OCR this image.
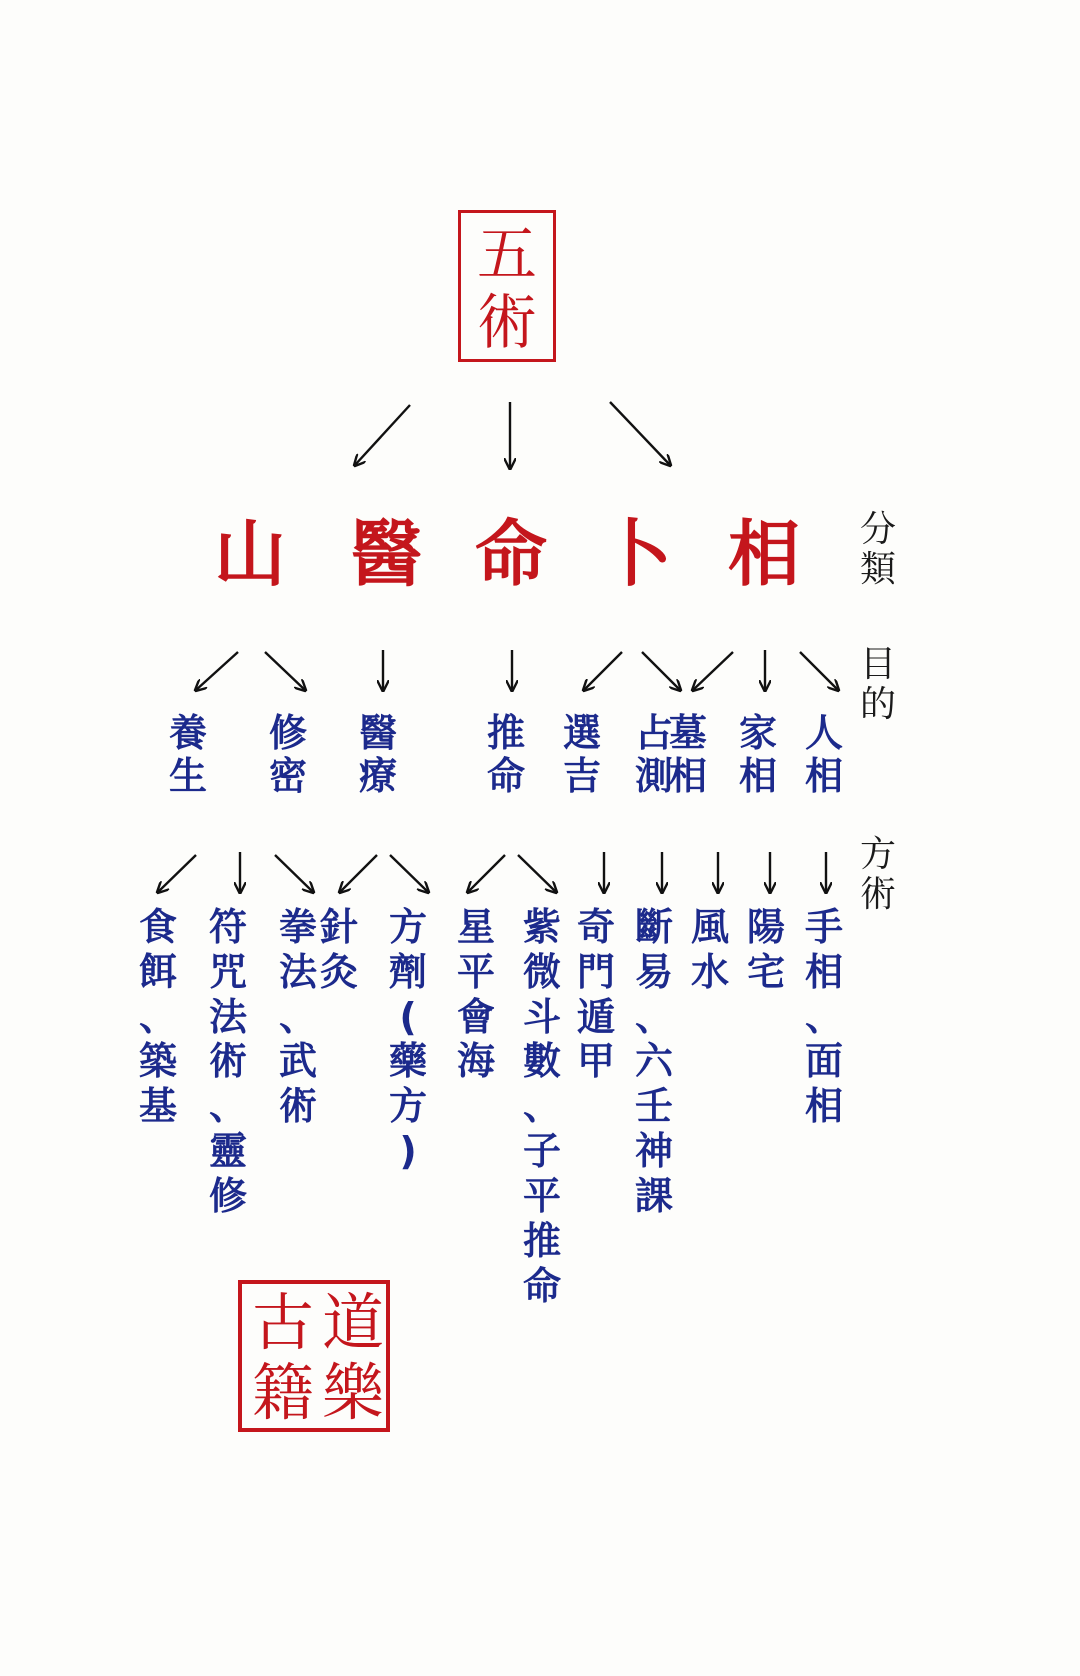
五
術
山 醫 命 卜 相	分
類
目
的
方
術
養
生
修
密
醫
療
推
命
選
吉
占
測
墓
相
家
相
人
相
食
餌
、
築
基
符
咒
法
術
、
靈
修
拳
法
、
武
術
針
灸
方
劑
(
藥
方
)
星
平
會
海
紫
微
斗
數
、
子
平
推
命
奇
門
遁
甲
斷
易
、
六
壬
神
課
風
水
陽
宅
手
相
、
面
相
道
樂
古
籍
